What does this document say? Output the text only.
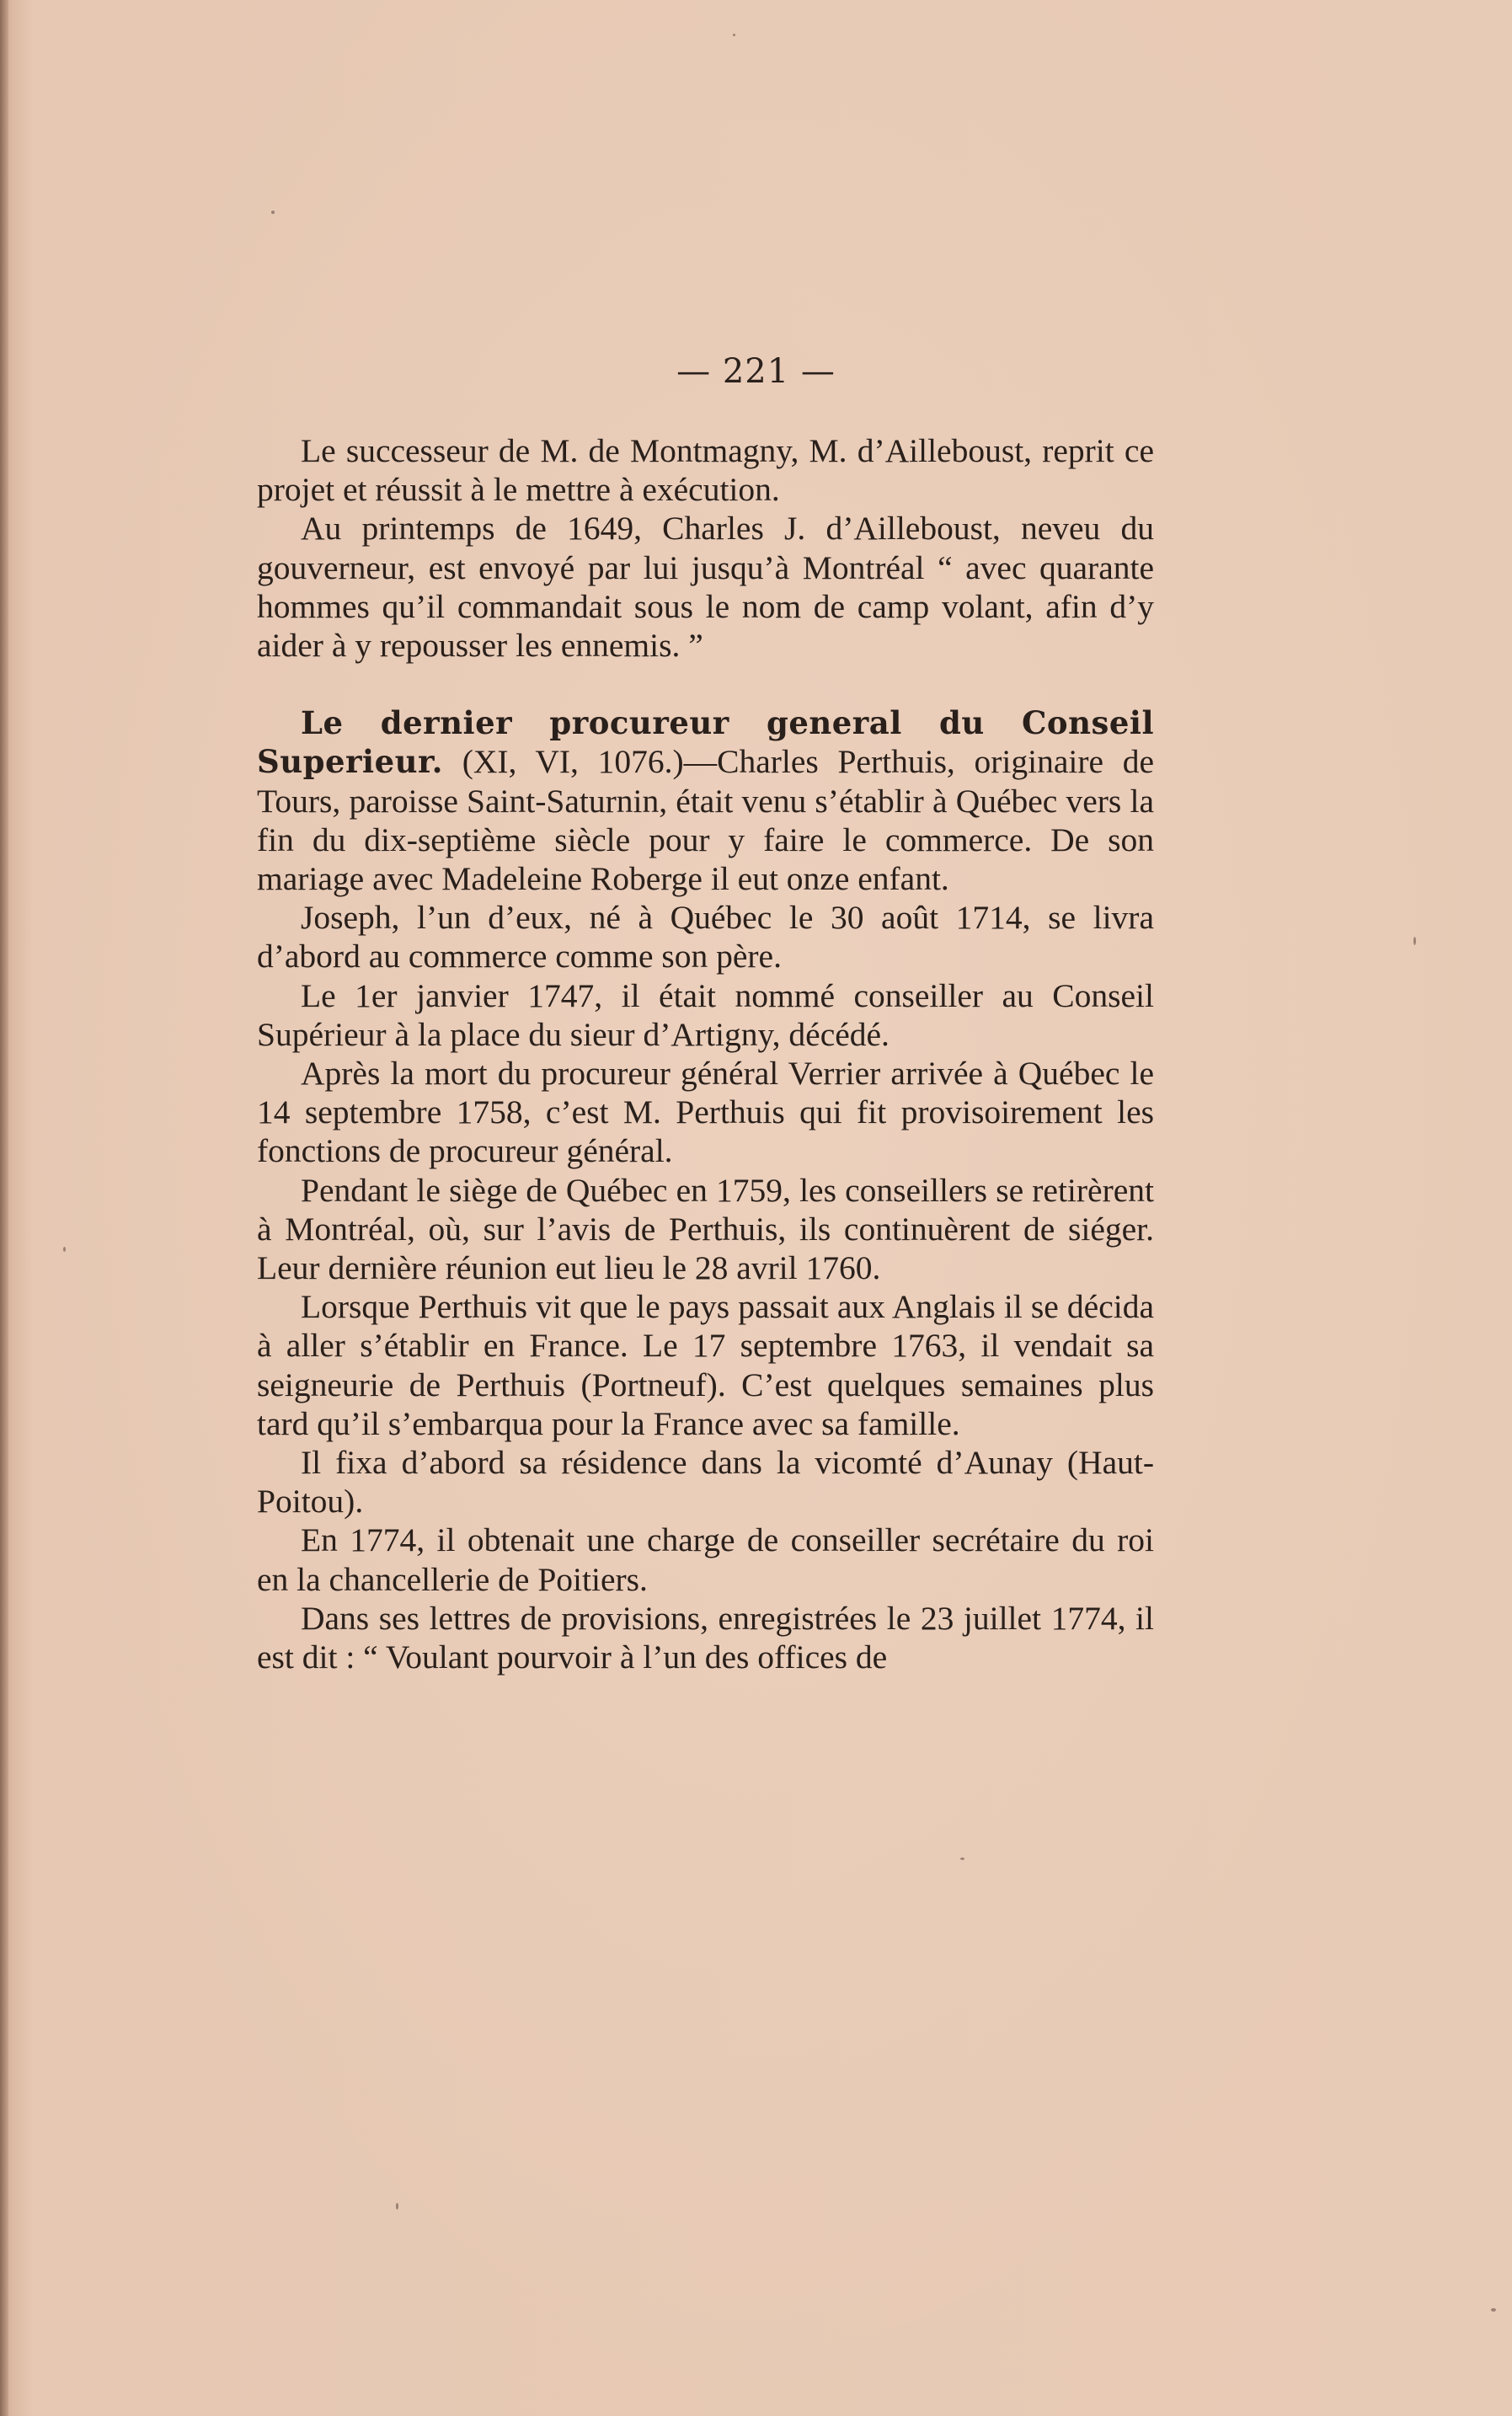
— 221 —

Le successeur de M. de Montmagny, M. d’Ailleboust, reprit ce projet et réussit à le mettre à exécution.

Au printemps de 1649, Charles J. d’Ailleboust, neveu du gouverneur, est envoyé par lui jusqu’à Montréal “ avec quarante hommes qu’il commandait sous le nom de camp volant, afin d’y aider à y repousser les ennemis. ”

Le dernier procureur general du Conseil Superieur. (XI, VI, 1076.)—Charles Perthuis, originaire de Tours, paroisse Saint-Saturnin, était venu s’établir à Québec vers la fin du dix-septième siècle pour y faire le commerce. De son mariage avec Madeleine Roberge il eut onze enfant.

Joseph, l’un d’eux, né à Québec le 30 août 1714, se livra d’abord au commerce comme son père.

Le 1er janvier 1747, il était nommé conseiller au Conseil Supérieur à la place du sieur d’Artigny, décédé.

Après la mort du procureur général Verrier arrivée à Québec le 14 septembre 1758, c’est M. Perthuis qui fit provisoirement les fonctions de procureur général.

Pendant le siège de Québec en 1759, les conseillers se retirèrent à Montréal, où, sur l’avis de Perthuis, ils continuèrent de siéger. Leur dernière réunion eut lieu le 28 avril 1760.

Lorsque Perthuis vit que le pays passait aux Anglais il se décida à aller s’établir en France. Le 17 septembre 1763, il vendait sa seigneurie de Perthuis (Portneuf). C’est quelques semaines plus tard qu’il s’embarqua pour la France avec sa famille.

Il fixa d’abord sa résidence dans la vicomté d’Aunay (Haut-Poitou).

En 1774, il obtenait une charge de conseiller secrétaire du roi en la chancellerie de Poitiers.

Dans ses lettres de provisions, enregistrées le 23 juillet 1774, il est dit : “ Voulant pourvoir à l’un des offices de
